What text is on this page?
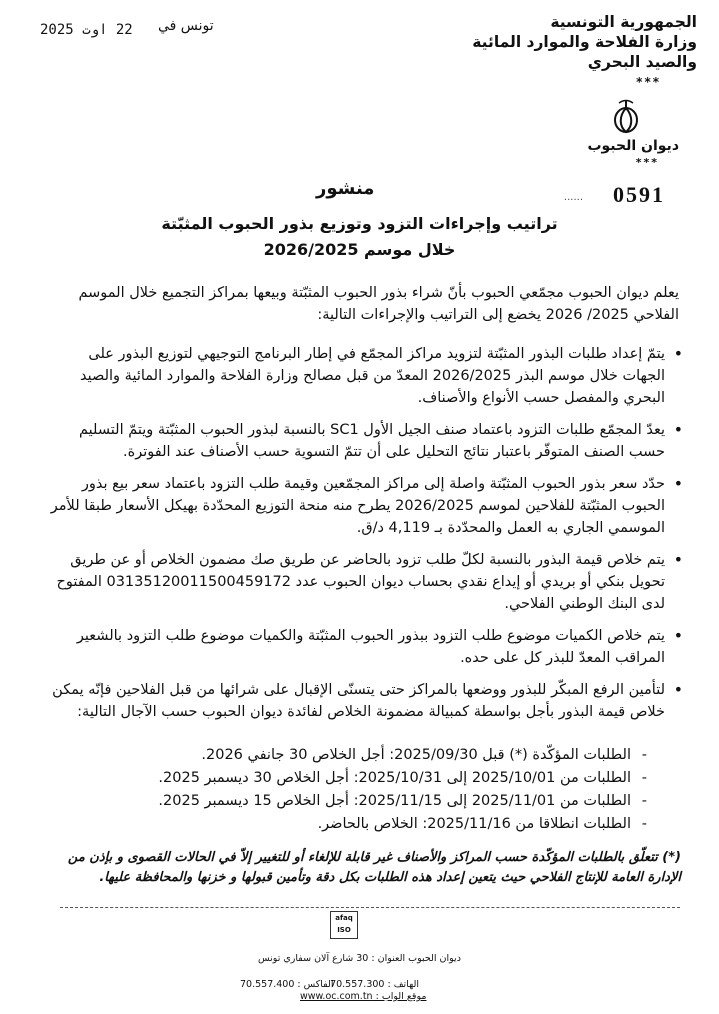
الجمهورية التونسية
وزارة الفلاحة والموارد المائية
والصيد البحري
***
ديوان الحبوب
***
تونس في
22 اوت 2025
...... 0591
منشور
تراتيب وإجراءات التزود وتوزيع بذور الحبوب المثبّتة
خلال موسم 2026/2025
يعلم ديوان الحبوب مجمّعي الحبوب بأنّ شراء بذور الحبوب المثبّتة وبيعها بمراكز التجميع خلال الموسم الفلاحي 2025/ 2026 يخضع إلى التراتيب والإجراءات التالية:
• يتمّ إعداد طلبات البذور المثبّتة لتزويد مراكز المجمّع في إطار البرنامج التوجيهي لتوزيع البذور على الجهات خلال موسم البذر 2026/2025 المعدّ من قبل مصالح وزارة الفلاحة والموارد المائية والصيد البحري والمفصل حسب الأنواع والأصناف.
• يعدّ المجمّع طلبات التزود باعتماد صنف الجيل الأول SC1 بالنسبة لبذور الحبوب المثبّتة ويتمّ التسليم حسب الصنف المتوفّر باعتبار نتائج التحليل على أن تتمّ التسوية حسب الأصناف عند الفوترة.
• حدّد سعر بذور الحبوب المثبّتة واصلة إلى مراكز المجمّعين وقيمة طلب التزود باعتماد سعر بيع بذور الحبوب المثبّتة للفلاحين لموسم 2026/2025 يطرح منه منحة التوزيع المحدّدة بهيكل الأسعار طبقا للأمر الموسمي الجاري به العمل والمحدّدة بـ 4,119 د/ق.
• يتم خلاص قيمة البذور بالنسبة لكلّ طلب تزود بالحاضر عن طريق صك مضمون الخلاص أو عن طريق تحويل بنكي أو بريدي أو إيداع نقدي بحساب ديوان الحبوب عدد 03135120011500459172 المفتوح لدى البنك الوطني الفلاحي.
• يتم خلاص الكميات موضوع طلب التزود ببذور الحبوب المثبّتة والكميات موضوع طلب التزود بالشعير المراقب المعدّ للبذر كل على حده.
• لتأمين الرفع المبكّر للبذور ووضعها بالمراكز حتى يتسنّى الإقبال على شرائها من قبل الفلاحين فإنّه يمكن خلاص قيمة البذور بأجل بواسطة كمبيالة مضمونة الخلاص لفائدة ديوان الحبوب حسب الآجال التالية:
- الطلبات المؤكّدة (*) قبل 2025/09/30: أجل الخلاص 30 جانفي 2026.
- الطلبات من 2025/10/01 إلى 2025/10/31: أجل الخلاص 30 ديسمبر 2025.
- الطلبات من 2025/11/01 إلى 2025/11/15: أجل الخلاص 15 ديسمبر 2025.
- الطلبات انطلاقا من 2025/11/16: الخلاص بالحاضر.
(*) تتعلّق بالطلبات المؤكّدة حسب المراكز والأصناف غير قابلة للإلغاء أو للتغيير إلاّ في الحالات القصوى و بإذن من الإدارة العامة للإنتاج الفلاحي حيث يتعين إعداد هذه الطلبات بكل دقة وتأمين قبولها و خزنها والمحافظة عليها.
afaq
ISO
ديوان الحبوب العنوان : 30 شارع آلان سفاري تونس
الهاتف : 70.557.300
الفاكس : 70.557.400
موقع الواب : www.oc.com.tn
